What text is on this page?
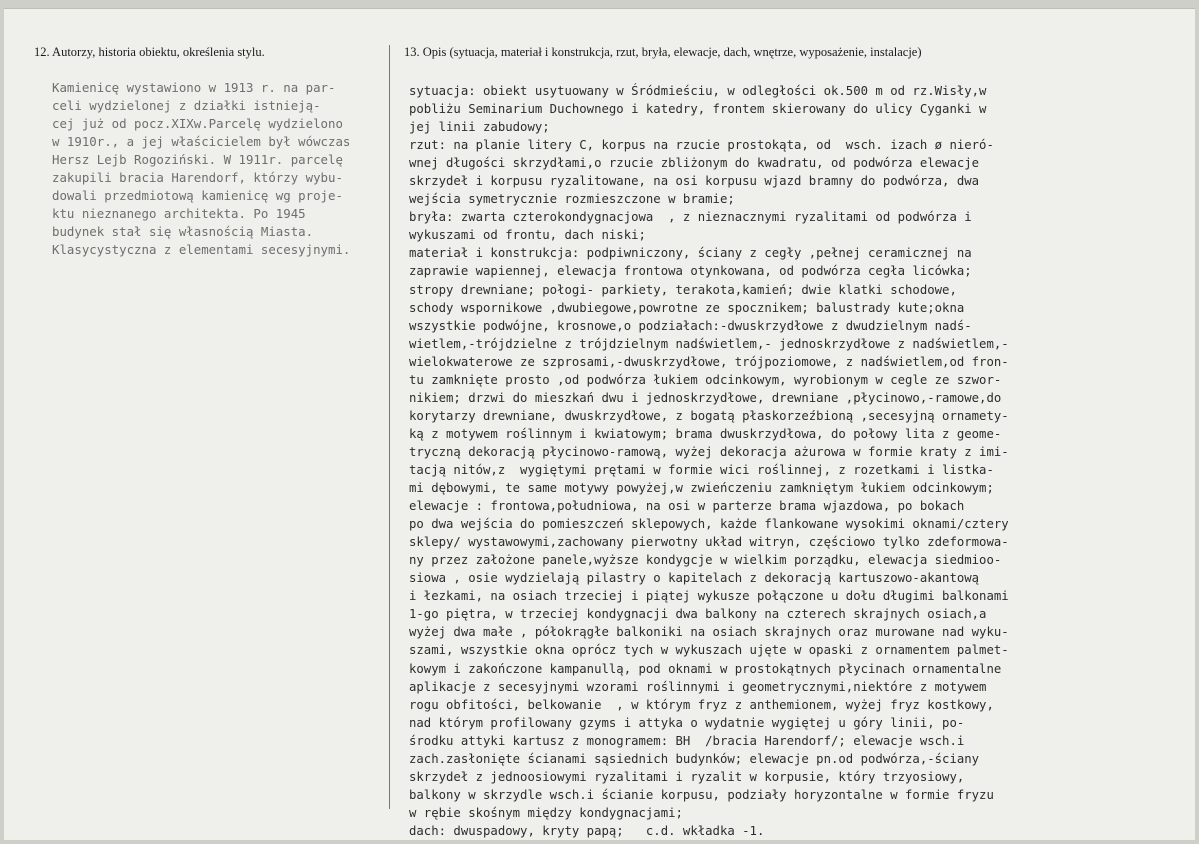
12. Autorzy, historia obiektu, określenia stylu.	13. Opis (sytuacja, materiał i konstrukcja, rzut, bryła, elewacje, dach, wnętrze, wyposażenie, instalacje)
Kamienicę wystawiono w 1913 r. na par-
celi wydzielonej z działki istnieją-
cej już od pocz.XIXw.Parcelę wydzielono
w 1910r., a jej właścicielem był wówczas
Hersz Lejb Rogoziński. W 1911r. parcelę
zakupili bracia Harendorf, którzy wybu-
dowali przedmiotową kamienicę wg proje-
ktu nieznanego architekta. Po 1945
budynek stał się własnością Miasta.
Klasycystyczna z elementami secesyjnymi.
sytuacja: obiekt usytuowany w Śródmieściu, w odległości ok.500 m od rz.Wisły,w
pobliżu Seminarium Duchownego i katedry, frontem skierowany do ulicy Cyganki w
jej linii zabudowy;
rzut: na planie litery C, korpus na rzucie prostokąta, od  wsch. izach ø nieró-
wnej długości skrzydłami,o rzucie zbliżonym do kwadratu, od podwórza elewacje
skrzydeł i korpusu ryzalitowane, na osi korpusu wjazd bramny do podwórza, dwa
wejścia symetrycznie rozmieszczone w bramie;
bryła: zwarta czterokondygnacjowa  , z nieznacznymi ryzalitami od podwórza i
wykuszami od frontu, dach niski;
materiał i konstrukcja: podpiwniczony, ściany z cegły ,pełnej ceramicznej na
zaprawie wapiennej, elewacja frontowa otynkowana, od podwórza cegła licówka;
stropy drewniane; połogi- parkiety, terakota,kamień; dwie klatki schodowe,
schody wspornikowe ,dwubiegowe,powrotne ze spocznikem; balustrady kute;okna
wszystkie podwójne, krosnowe,o podziałach:-dwuskrzydłowe z dwudzielnym nadś-
wietlem,-trójdzielne z trójdzielnym nadświetlem,- jednoskrzydłowe z nadświetlem,-
wielokwaterowe ze szprosami,-dwuskrzydłowe, trójpoziomowe, z nadświetlem,od fron-
tu zamknięte prosto ,od podwórza łukiem odcinkowym, wyrobionym w cegle ze szwor-
nikiem; drzwi do mieszkań dwu i jednoskrzydłowe, drewniane ,płycinowo,-ramowe,do
korytarzy drewniane, dwuskrzydłowe, z bogatą płaskorzeźbioną ,secesyjną ornamety-
ką z motywem roślinnym i kwiatowym; brama dwuskrzydłowa, do połowy lita z geome-
tryczną dekoracją płycinowo-ramową, wyżej dekoracja ażurowa w formie kraty z imi-
tacją nitów,z  wygiętymi prętami w formie wici roślinnej, z rozetkami i listka-
mi dębowymi, te same motywy powyżej,w zwieńczeniu zamkniętym łukiem odcinkowym;
elewacje : frontowa,południowa, na osi w parterze brama wjazdowa, po bokach
po dwa wejścia do pomieszczeń sklepowych, każde flankowane wysokimi oknami/cztery
sklepy/ wystawowymi,zachowany pierwotny układ witryn, częściowo tylko zdeformowa-
ny przez założone panele,wyższe kondygcje w wielkim porządku, elewacja siedmioo-
siowa , osie wydzielają pilastry o kapitelach z dekoracją kartuszowo-akantową
i łezkami, na osiach trzeciej i piątej wykusze połączone u dołu długimi balkonami
1-go piętra, w trzeciej kondygnacji dwa balkony na czterech skrajnych osiach,a
wyżej dwa małe , półokrągłe balkoniki na osiach skrajnych oraz murowane nad wyku-
szami, wszystkie okna oprócz tych w wykuszach ujęte w opaski z ornamentem palmet-
kowym i zakończone kampanullą, pod oknami w prostokątnych płycinach ornamentalne
aplikacje z secesyjnymi wzorami roślinnymi i geometrycznymi,niektóre z motywem
rogu obfitości, belkowanie  , w którym fryz z anthemionem, wyżej fryz kostkowy,
nad którym profilowany gzyms i attyka o wydatnie wygiętej u góry linii, po-
środku attyki kartusz z monogramem: BH  /bracia Harendorf/; elewacje wsch.i
zach.zasłonięte ścianami sąsiednich budynków; elewacje pn.od podwórza,-ściany
skrzydeł z jednoosiowymi ryzalitami i ryzalit w korpusie, który trzyosiowy,
balkony w skrzydle wsch.i ścianie korpusu, podziały horyzontalne w formie fryzu
w rębie skośnym między kondygnacjami;
dach: dwuspadowy, kryty papą;   c.d. wkładka -1.
